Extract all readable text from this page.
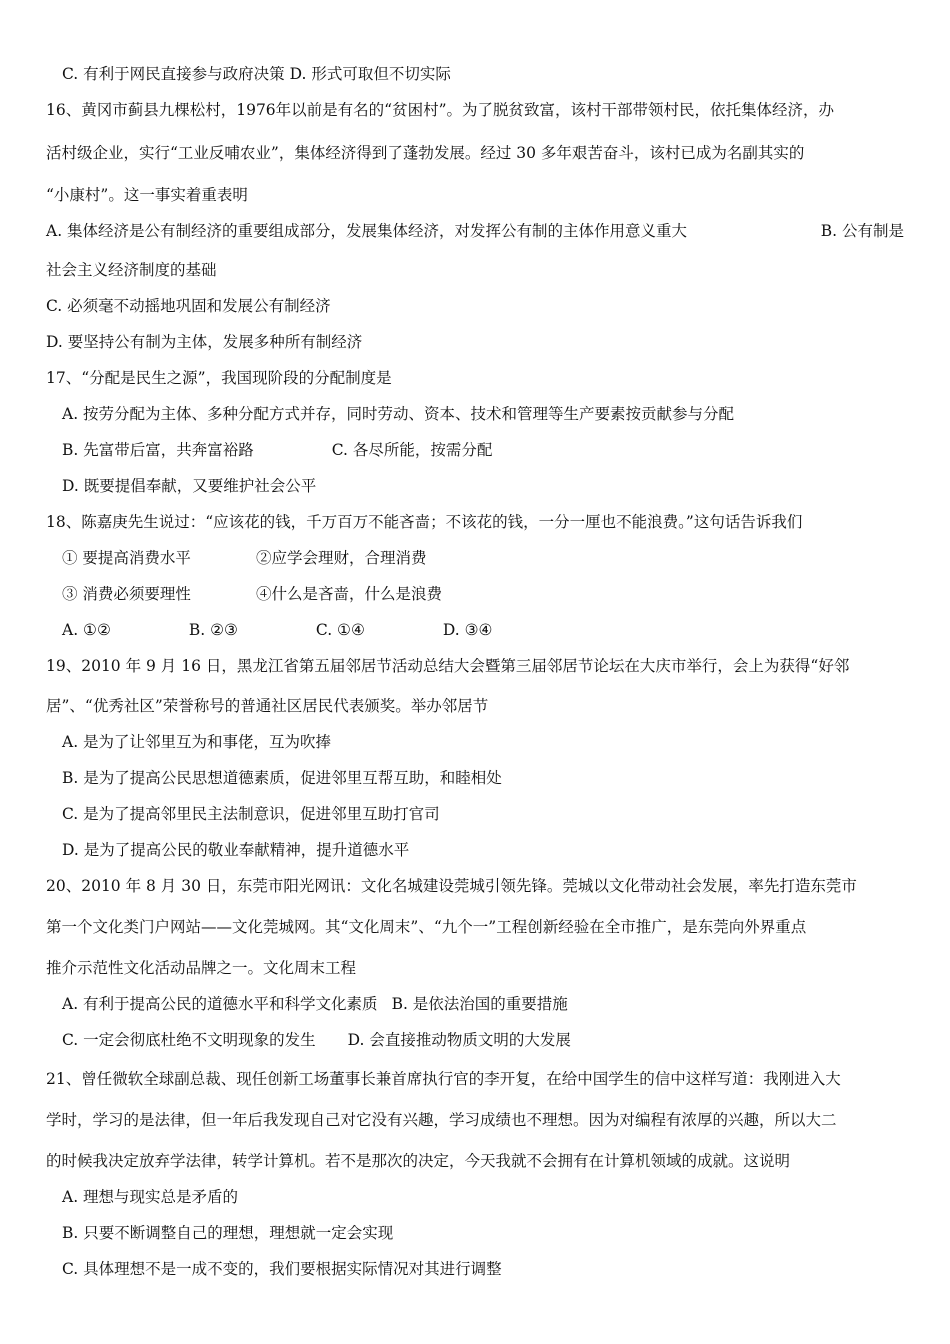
C. 有利于网民直接参与政府决策 D. 形式可取但不切实际
16、黄冈市蓟县九棵松村，1976年以前是有名的“贫困村”。为了脱贫致富，该村干部带领村民，依托集体经济，办
活村级企业，实行“工业反哺农业”，集体经济得到了蓬勃发展。经过 30 多年艰苦奋斗，该村已成为名副其实的
“小康村”。这一事实着重表明
A. 集体经济是公有制经济的重要组成部分，发展集体经济，对发挥公有制的主体作用意义重大	B. 公有制是
社会主义经济制度的基础
C. 必须毫不动摇地巩固和发展公有制经济
D. 要坚持公有制为主体，发展多种所有制经济
17、“分配是民生之源”，我国现阶段的分配制度是
A. 按劳分配为主体、多种分配方式并存，同时劳动、资本、技术和管理等生产要素按贡献参与分配
B. 先富带后富，共奔富裕路	C. 各尽所能，按需分配
D. 既要提倡奉献，又要维护社会公平
18、陈嘉庚先生说过：“应该花的钱，千万百万不能吝啬；不该花的钱，一分一厘也不能浪费。”这句话告诉我们
① 要提高消费水平	②应学会理财，合理消费
③ 消费必须要理性	④什么是吝啬，什么是浪费
A. ①②	B. ②③	C. ①④	D. ③④
19、2010 年 9 月 16 日，黑龙江省第五届邻居节活动总结大会暨第三届邻居节论坛在大庆市举行，会上为获得“好邻
居”、“优秀社区”荣誉称号的普通社区居民代表颁奖。举办邻居节
A. 是为了让邻里互为和事佬，互为吹捧
B. 是为了提高公民思想道德素质，促进邻里互帮互助，和睦相处
C. 是为了提高邻里民主法制意识，促进邻里互助打官司
D. 是为了提高公民的敬业奉献精神，提升道德水平
20、2010 年 8 月 30 日，东莞市阳光网讯：文化名城建设莞城引领先锋。莞城以文化带动社会发展，率先打造东莞市
第一个文化类门户网站——文化莞城网。其“文化周末”、“九个一”工程创新经验在全市推广，是东莞向外界重点
推介示范性文化活动品牌之一。文化周末工程
A. 有利于提高公民的道德水平和科学文化素质 B. 是依法治国的重要措施
C. 一定会彻底杜绝不文明现象的发生 D. 会直接推动物质文明的大发展
21、曾任微软全球副总裁、现任创新工场董事长兼首席执行官的李开复，在给中国学生的信中这样写道：我刚进入大
学时，学习的是法律，但一年后我发现自己对它没有兴趣，学习成绩也不理想。因为对编程有浓厚的兴趣，所以大二
的时候我决定放弃学法律，转学计算机。若不是那次的决定，今天我就不会拥有在计算机领域的成就。这说明
A. 理想与现实总是矛盾的
B. 只要不断调整自己的理想，理想就一定会实现
C. 具体理想不是一成不变的，我们要根据实际情况对其进行调整
